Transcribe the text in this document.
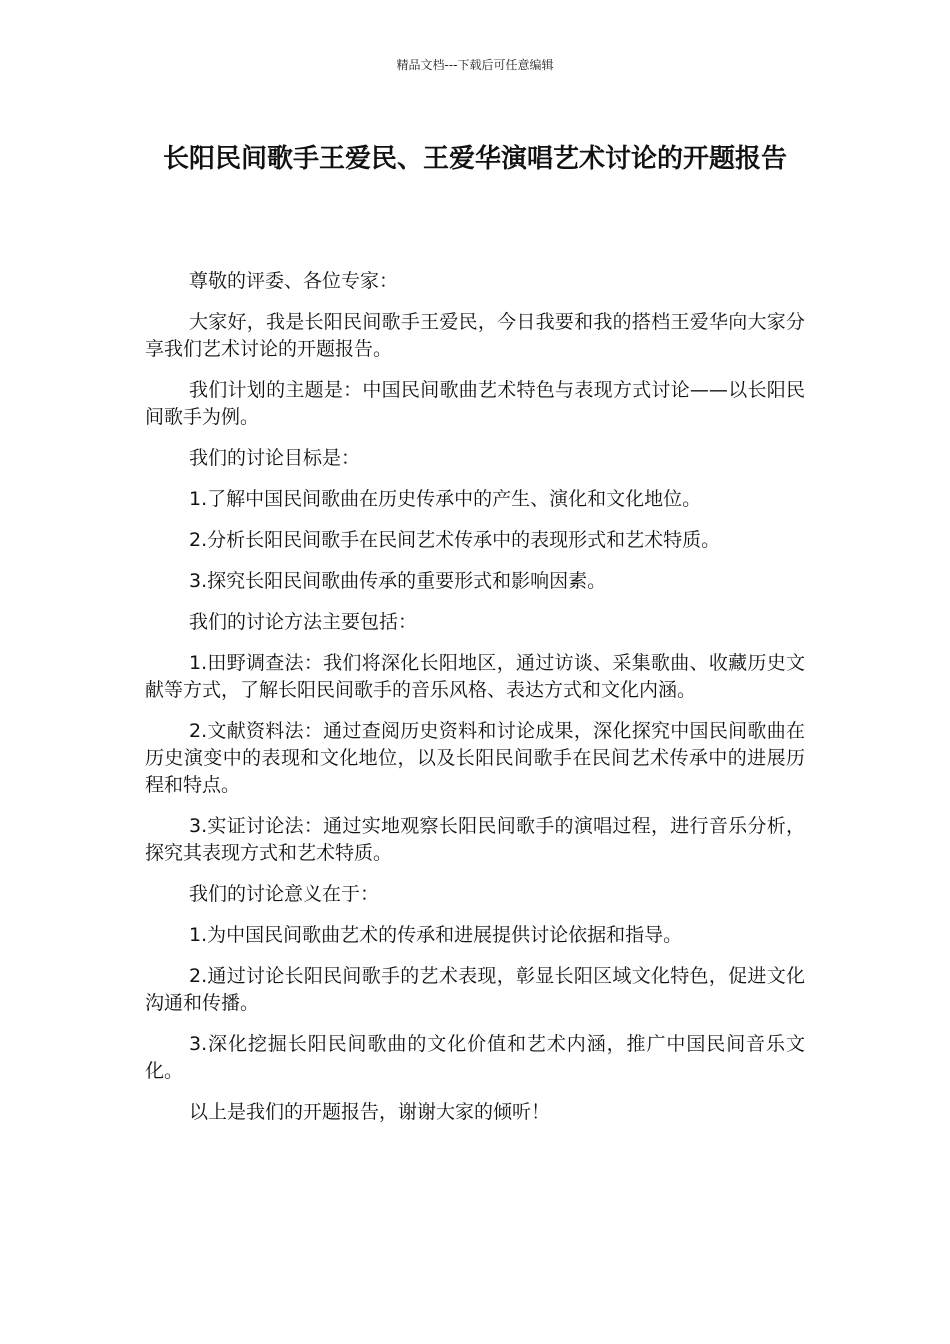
精品文档---下载后可任意编辑
长阳民间歌手王爱民、王爱华演唱艺术讨论的开题报告

尊敬的评委、各位专家：

大家好，我是长阳民间歌手王爱民，今日我要和我的搭档王爱华向大家分享我们艺术讨论的开题报告。

我们计划的主题是：中国民间歌曲艺术特色与表现方式讨论——以长阳民间歌手为例。

我们的讨论目标是：

1.了解中国民间歌曲在历史传承中的产生、演化和文化地位。

2.分析长阳民间歌手在民间艺术传承中的表现形式和艺术特质。

3.探究长阳民间歌曲传承的重要形式和影响因素。

我们的讨论方法主要包括：

1.田野调查法：我们将深化长阳地区，通过访谈、采集歌曲、收藏历史文献等方式，了解长阳民间歌手的音乐风格、表达方式和文化内涵。

2.文献资料法：通过查阅历史资料和讨论成果，深化探究中国民间歌曲在历史演变中的表现和文化地位，以及长阳民间歌手在民间艺术传承中的进展历程和特点。

3.实证讨论法：通过实地观察长阳民间歌手的演唱过程，进行音乐分析，探究其表现方式和艺术特质。

我们的讨论意义在于：

1.为中国民间歌曲艺术的传承和进展提供讨论依据和指导。

2.通过讨论长阳民间歌手的艺术表现，彰显长阳区域文化特色，促进文化沟通和传播。

3.深化挖掘长阳民间歌曲的文化价值和艺术内涵，推广中国民间音乐文化。

以上是我们的开题报告，谢谢大家的倾听！
